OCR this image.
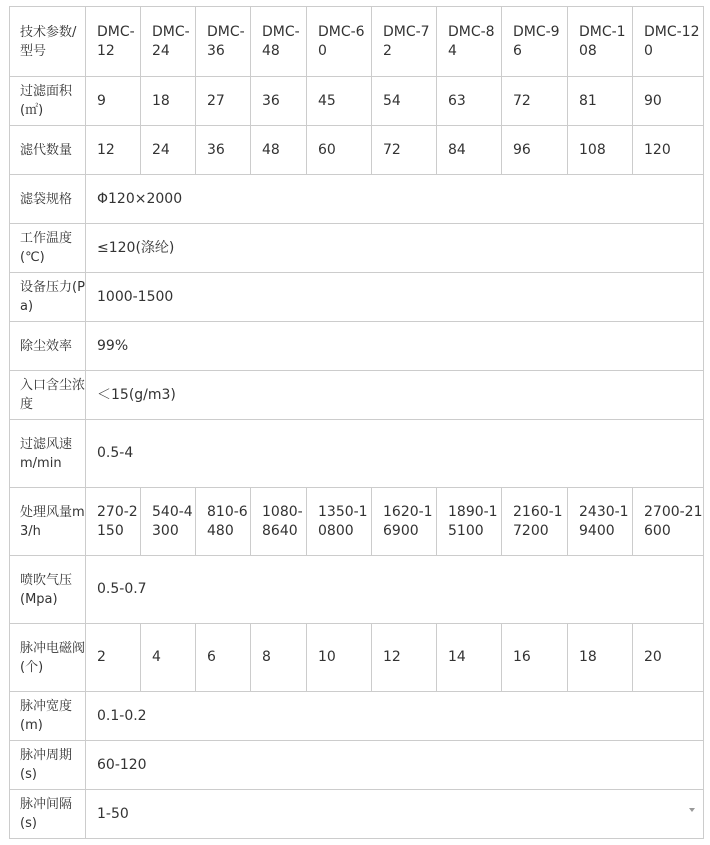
技术参数/型号	DMC-12	DMC-24	DMC-36	DMC-48	DMC-60	DMC-72	DMC-84	DMC-96	DMC-108	DMC-120
过滤面积(㎡)	9	18	27	36	45	54	63	72	81	90
滤代数量	12	24	36	48	60	72	84	96	108	120
滤袋规格	Φ120×2000									
工作温度(℃)	≤120(涤纶)									
设备压力(Pa)	1000-1500									
除尘效率	99%									
入口含尘浓度	＜15(g/m3)									
过滤风速m/min	0.5-4									
处理风量m3/h	270-2150	540-4300	810-6480	1080-8640	1350-10800	1620-16900	1890-15100	2160-17200	2430-19400	2700-21600
喷吹气压(Mpa)	0.5-0.7									
脉冲电磁阀(个)	2	4	6	8	10	12	14	16	18	20
脉冲宽度(m)	0.1-0.2									
脉冲周期(s)	60-120									
脉冲间隔(s)	1-50									
